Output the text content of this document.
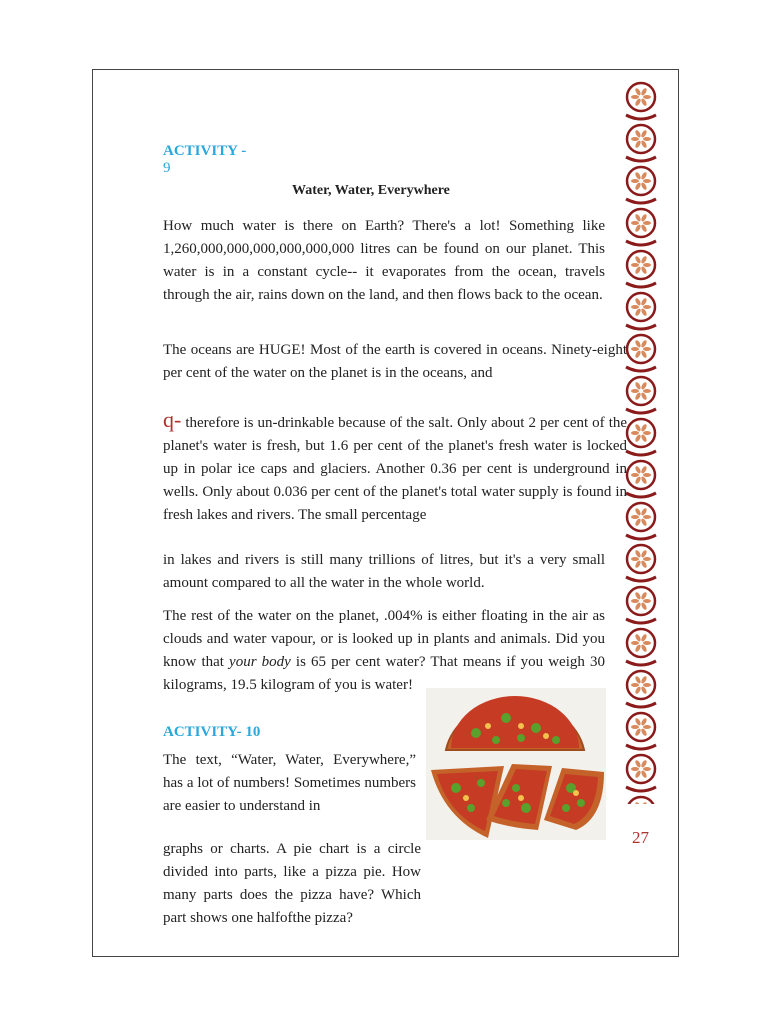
ACTIVITY -
9
Water, Water, Everywhere
How much water is there on Earth? There's a lot! Something like 1,260,000,000,000,000,000,000 litres can be found on our planet. This water is in a constant cycle-- it evaporates from the ocean, travels through the air, rains down on the land, and then flows back to the ocean.
The oceans are HUGE! Most of the earth is covered in oceans. Ninety-eight per cent of the water on the planet is in the oceans, and
q- therefore is un-drinkable because of the salt. Only about 2 per cent of the planet's water is fresh, but 1.6 per cent of the planet's fresh water is locked up in polar ice caps and glaciers. Another 0.36 per cent is underground in wells. Only about 0.036 per cent of the planet's total water supply is found in fresh lakes and rivers. The small percentage
in lakes and rivers is still many trillions of litres, but it's a very small amount compared to all the water in the whole world.
The rest of the water on the planet, .004% is either floating in the air as clouds and water vapour, or is looked up in plants and animals. Did you know that your body is 65 per cent water? That means if you weigh 30 kilograms, 19.5 kilogram of you is water!
ACTIVITY- 10
The text, “Water, Water, Everywhere,” has a lot of numbers! Sometimes numbers are easier to understand in
graphs or charts. A pie chart is a circle divided into parts, like a pizza pie. How many parts does the pizza have? Which part shows one halfofthe pizza?
27
